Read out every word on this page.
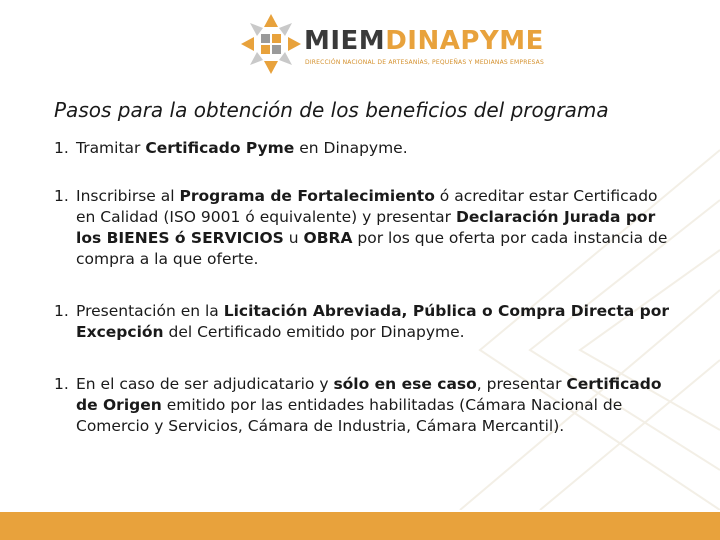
MIEMDINAPYME
DIRECCIÓN NACIONAL DE ARTESANÍAS, PEQUEÑAS Y MEDIANAS EMPRESAS
Pasos para la obtención de los beneficios del programa
1. Tramitar Certificado Pyme en Dinapyme.
1. Inscribirse al Programa de Fortalecimiento ó acreditar estar Certificado en Calidad (ISO 9001 ó equivalente) y presentar Declaración Jurada por los BIENES ó SERVICIOS u OBRA por los que oferta por cada instancia de compra a la que oferte.
1. Presentación en la Licitación Abreviada, Pública o Compra Directa por Excepción del Certificado emitido por Dinapyme.
1. En el caso de ser adjudicatario y sólo en ese caso, presentar Certificado de Origen emitido por las entidades habilitadas (Cámara Nacional de Comercio y Servicios, Cámara de Industria, Cámara Mercantil).
